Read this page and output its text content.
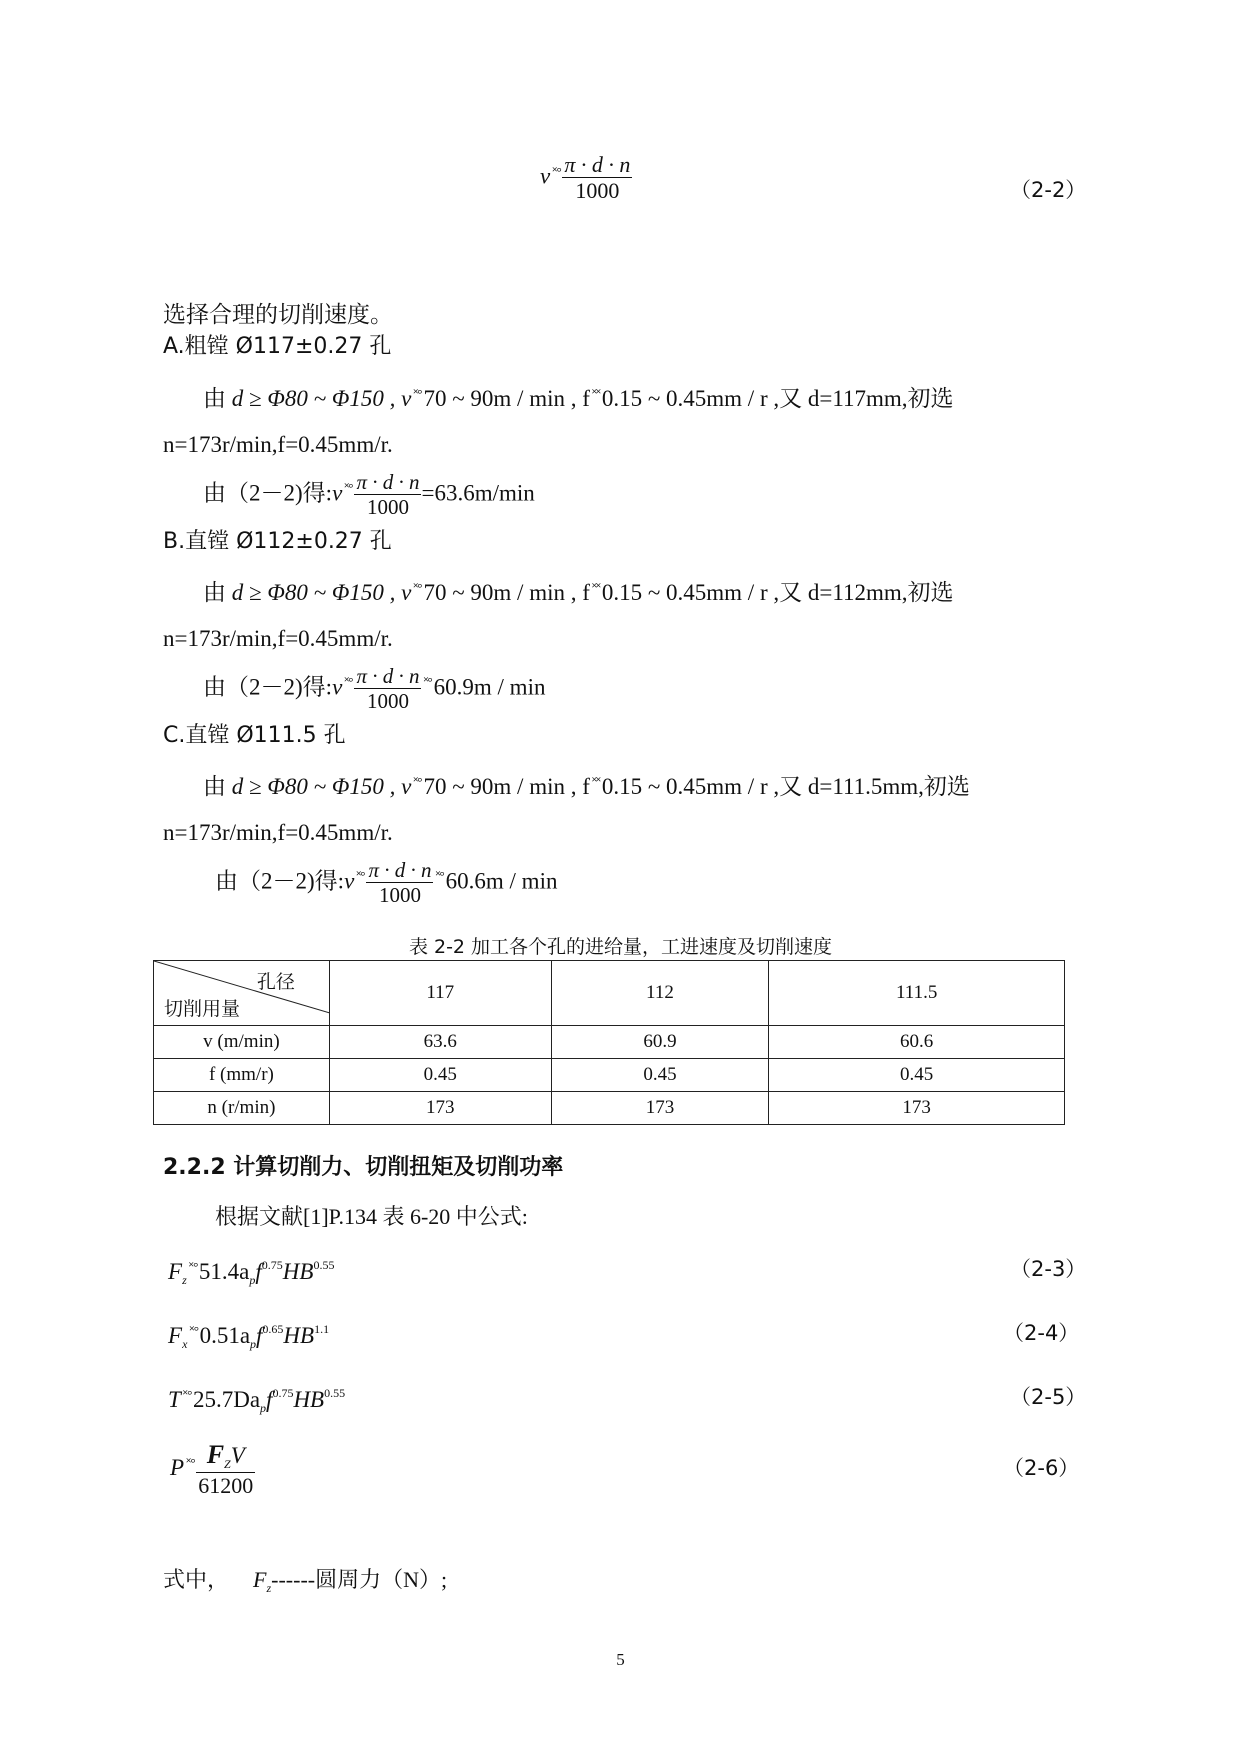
v $^{˟^\circ} \frac{\pi \cdot d \cdot n}{1000}$	（2-2）
选择合理的切削速度。
A.粗镗 Ø117±0.27 孔
由 d ≥ Φ80 ~ Φ150 , v ˟°70 ~ 90m / min , f ˟˟0.15 ~ 0.45mm / r ,又 d=117mm,初选
n=173r/min,f=0.45mm/r.
由（2－2)得:v $^{˟^\circ} \frac{\pi \cdot d \cdot n}{1000} =63.6m/\min$
B.直镗 Ø112±0.27 孔
由 d ≥ Φ80 ~ Φ150 , v ˟°70 ~ 90m / min , f ˟˟0.15 ~ 0.45mm / r ,又 d=112mm,初选
n=173r/min,f=0.45mm/r.
由（2－2)得:v $^{˟^\circ} \frac{\pi \cdot d \cdot n}{1000} ^{˟^\circ}60.9m$ / min
C.直镗 Ø111.5 孔
由 d ≥ Φ80 ~ Φ150 , v ˟°70 ~ 90m / min , f ˟˟0.15 ~ 0.45mm / r ,又 d=111.5mm,初选
n=173r/min,f=0.45mm/r.
由（2－2)得:v $^{˟^\circ} \frac{\pi \cdot d \cdot n}{1000} ^{˟^\circ}60.6m$ / min
表 2-2 加工各个孔的进给量，工进速度及切削速度
孔径
切削用量	117	112	111.5
v (m/min)	63.6	60.9	60.6
f (mm/r)	0.45	0.45	0.45
n (r/min)	173	173	173
2.2.2 计算切削力、切削扭矩及切削功率
根据文献[1]P.134 表 6-20 中公式:
$F_z^{˟^\circ}51.4a_pf^{0.75}HB^{0.55}$	（2-3）
$F_x^{˟^\circ}0.51a_pf^{0.65}HB^{1.1}$	（2-4）
T $^{˟^\circ}25.7Da_pf^{0.75}HB^{0.55}$	（2-5）
P $^{˟^\circ} \frac{F_ZV}{61200}$	（2-6）
式中， $F_z------$圆周力（N）;
5
